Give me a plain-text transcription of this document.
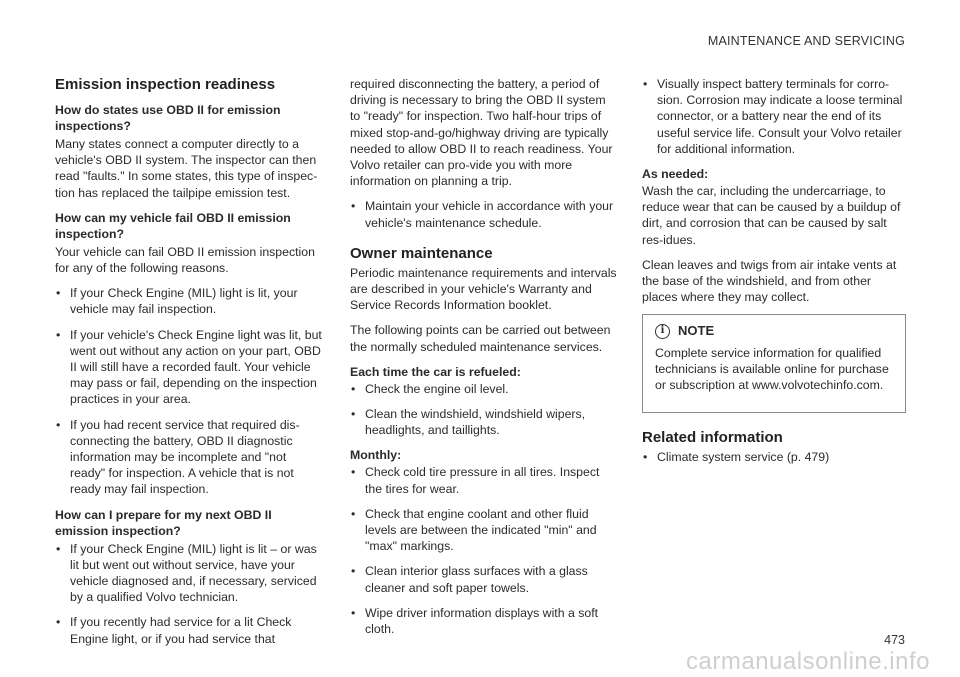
MAINTENANCE AND SERVICING
Emission inspection readiness
How do states use OBD II for emission inspections?

Many states connect a computer directly to a vehicle's OBD II system. The inspector can then read "faults." In some states, this type of inspec-tion has replaced the tailpipe emission test.

How can my vehicle fail OBD II emission inspection?

Your vehicle can fail OBD II emission inspection for any of the following reasons.

• If your Check Engine (MIL) light is lit, your vehicle may fail inspection.
• If your vehicle's Check Engine light was lit, but went out without any action on your part, OBD II will still have a recorded fault. Your vehicle may pass or fail, depending on the inspection practices in your area.
• If you had recent service that required dis-connecting the battery, OBD II diagnostic information may be incomplete and "not ready" for inspection. A vehicle that is not ready may fail inspection.
How can I prepare for my next OBD II emission inspection?
• If your Check Engine (MIL) light is lit – or was lit but went out without service, have your vehicle diagnosed and, if necessary, serviced by a qualified Volvo technician.
• If you recently had service for a lit Check Engine light, or if you had service that

required disconnecting the battery, a period of driving is necessary to bring the OBD II system to "ready" for inspection. Two half-hour trips of mixed stop-and-go/highway driving are typically needed to allow OBD II to reach readiness. Your Volvo retailer can pro-vide you with more information on planning a trip.

• Maintain your vehicle in accordance with your vehicle's maintenance schedule.
Owner maintenance

Periodic maintenance requirements and intervals are described in your vehicle's Warranty and Service Records Information booklet.

The following points can be carried out between the normally scheduled maintenance services.

Each time the car is refueled:
• Check the engine oil level.
• Clean the windshield, windshield wipers, headlights, and taillights.
Monthly:
• Check cold tire pressure in all tires. Inspect the tires for wear.
• Check that engine coolant and other fluid levels are between the indicated "min" and "max" markings.
• Clean interior glass surfaces with a glass cleaner and soft paper towels.
• Wipe driver information displays with a soft cloth.
• Visually inspect battery terminals for corro-sion. Corrosion may indicate a loose terminal connector, or a battery near the end of its useful service life. Consult your Volvo retailer for additional information.
As needed:

Wash the car, including the undercarriage, to reduce wear that can be caused by a buildup of dirt, and corrosion that can be caused by salt res-idues.

Clean leaves and twigs from air intake vents at the base of the windshield, and from other places where they may collect.

i	NOTE

Complete service information for qualified technicians is available online for purchase or subscription at www.volvotechinfo.com.

Related information
• Climate system service (p. 479)
473
carmanualsonline.info
